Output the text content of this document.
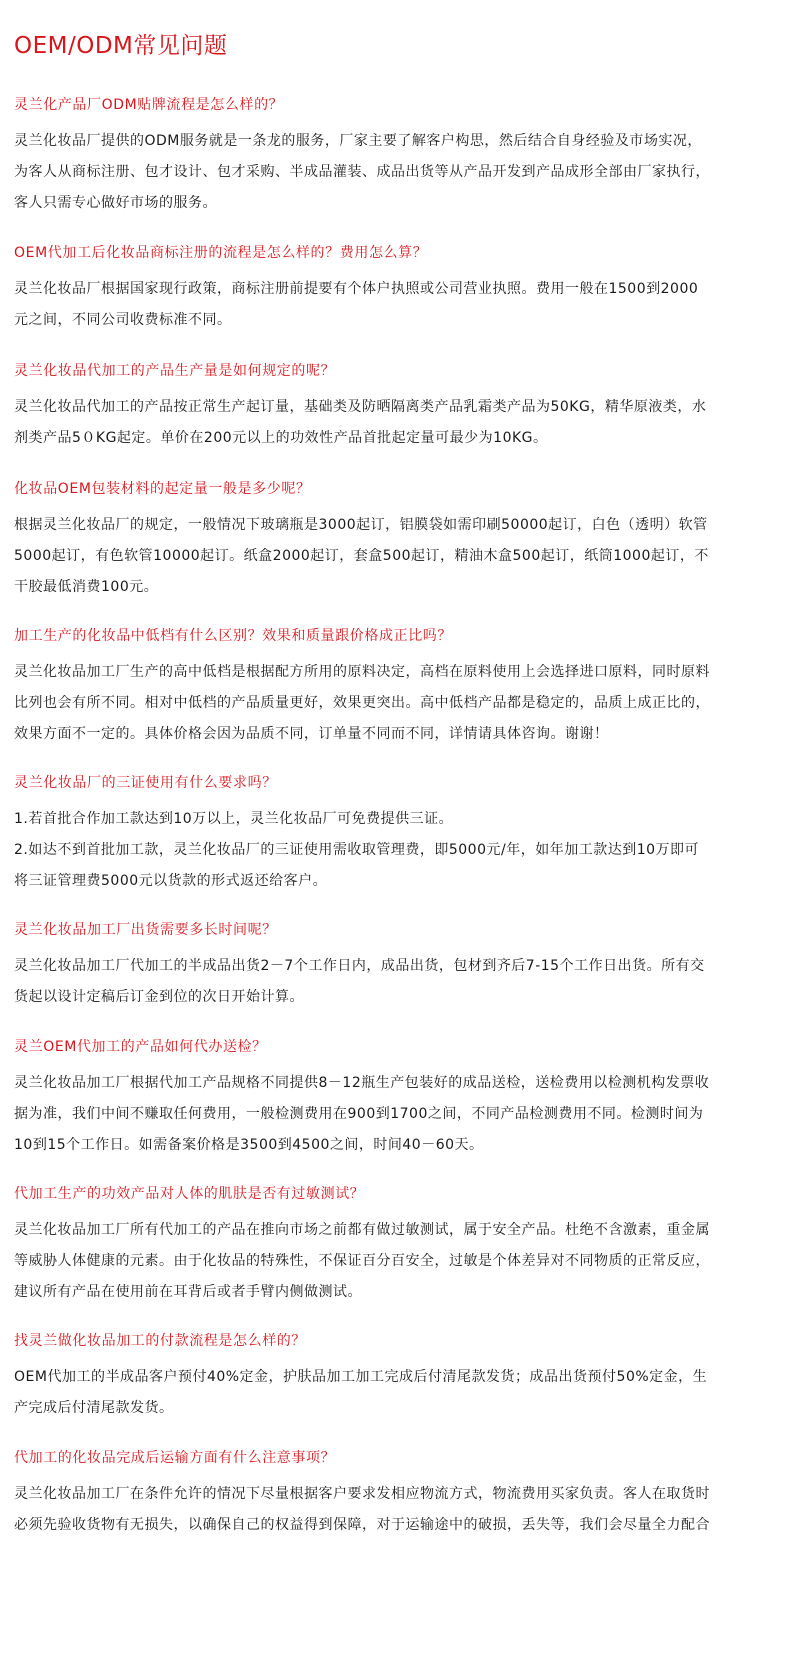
OEM/ODM常见问题
灵兰化产品厂ODM贴牌流程是怎么样的？
灵兰化妆品厂提供的ODM服务就是一条龙的服务，厂家主要了解客户构思，然后结合自身经验及市场实况，
为客人从商标注册、包才设计、包才采购、半成品灌装、成品出货等从产品开发到产品成形全部由厂家执行，
客人只需专心做好市场的服务。
OEM代加工后化妆品商标注册的流程是怎么样的？费用怎么算？
灵兰化妆品厂根据国家现行政策，商标注册前提要有个体户执照或公司营业执照。费用一般在1500到2000
元之间，不同公司收费标准不同。
灵兰化妆品代加工的产品生产量是如何规定的呢？
灵兰化妆品代加工的产品按正常生产起订量，基础类及防晒隔离类产品乳霜类产品为50KG，精华原液类，水
剂类产品5０KG起定。单价在200元以上的功效性产品首批起定量可最少为10KG。
化妆品OEM包装材料的起定量一般是多少呢？
根据灵兰化妆品厂的规定，一般情况下玻璃瓶是3000起订，铝膜袋如需印刷50000起订，白色（透明）软管
5000起订，有色软管10000起订。纸盒2000起订，套盒500起订，精油木盒500起订，纸筒1000起订，不
干胶最低消费100元。
加工生产的化妆品中低档有什么区别？效果和质量跟价格成正比吗？
灵兰化妆品加工厂生产的高中低档是根据配方所用的原料决定，高档在原料使用上会选择进口原料，同时原料
比列也会有所不同。相对中低档的产品质量更好，效果更突出。高中低档产品都是稳定的，品质上成正比的，
效果方面不一定的。具体价格会因为品质不同，订单量不同而不同，详情请具体咨询。谢谢！
灵兰化妆品厂的三证使用有什么要求吗？
1.若首批合作加工款达到10万以上，灵兰化妆品厂可免费提供三证。
2.如达不到首批加工款，灵兰化妆品厂的三证使用需收取管理费，即5000元/年，如年加工款达到10万即可
将三证管理费5000元以货款的形式返还给客户。
灵兰化妆品加工厂出货需要多长时间呢？
灵兰化妆品加工厂代加工的半成品出货2－7个工作日内，成品出货，包材到齐后7-15个工作日出货。所有交
货起以设计定稿后订金到位的次日开始计算。
灵兰OEM代加工的产品如何代办送检？
灵兰化妆品加工厂根据代加工产品规格不同提供8－12瓶生产包装好的成品送检，送检费用以检测机构发票收
据为准，我们中间不赚取任何费用，一般检测费用在900到1700之间，不同产品检测费用不同。检测时间为
10到15个工作日。如需备案价格是3500到4500之间，时间40－60天。
代加工生产的功效产品对人体的肌肤是否有过敏测试？
灵兰化妆品加工厂所有代加工的产品在推向市场之前都有做过敏测试，属于安全产品。杜绝不含激素，重金属
等威胁人体健康的元素。由于化妆品的特殊性，不保证百分百安全，过敏是个体差异对不同物质的正常反应，
建议所有产品在使用前在耳背后或者手臂内侧做测试。
找灵兰做化妆品加工的付款流程是怎么样的？
OEM代加工的半成品客户预付40%定金，护肤品加工加工完成后付清尾款发货；成品出货预付50%定金，生
产完成后付清尾款发货。
代加工的化妆品完成后运输方面有什么注意事项？
灵兰化妆品加工厂在条件允许的情况下尽量根据客户要求发相应物流方式，物流费用买家负责。客人在取货时
必须先验收货物有无损失，以确保自己的权益得到保障，对于运输途中的破损，丢失等，我们会尽量全力配合
